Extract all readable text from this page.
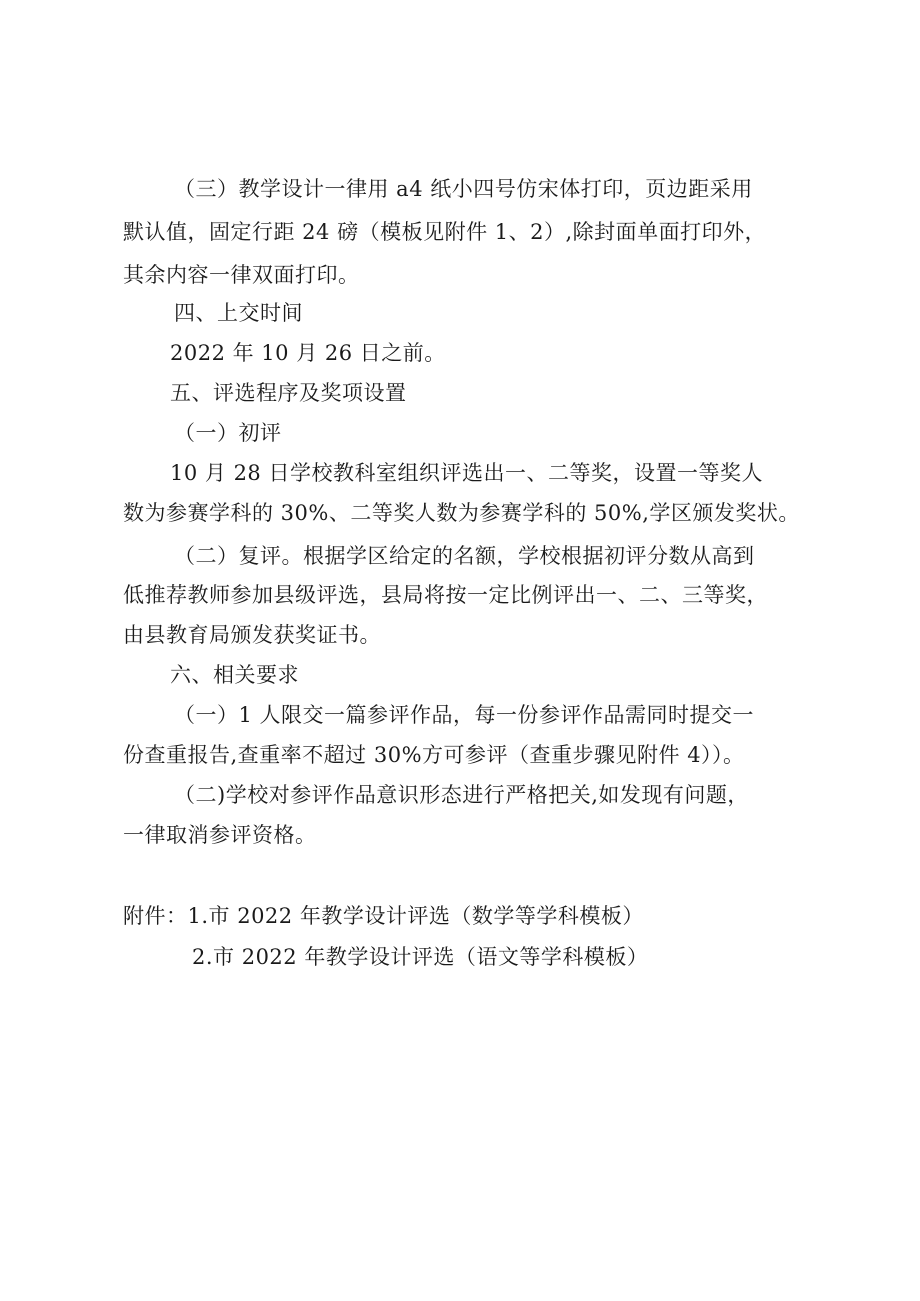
（三）教学设计一律用 a4 纸小四号仿宋体打印，页边距采用
默认值，固定行距 24 磅（模板见附件 1、2）,除封面单面打印外，
其余内容一律双面打印。
四、上交时间
2022 年 10 月 26 日之前。
五、评选程序及奖项设置
（一）初评
10 月 28 日学校教科室组织评选出一、二等奖，设置一等奖人
数为参赛学科的 30%、二等奖人数为参赛学科的 50%,学区颁发奖状。
（二）复评。根据学区给定的名额，学校根据初评分数从高到
低推荐教师参加县级评选，县局将按一定比例评出一、二、三等奖，
由县教育局颁发获奖证书。
六、相关要求
（一）1 人限交一篇参评作品，每一份参评作品需同时提交一
份查重报告,查重率不超过 30%方可参评（查重步骤见附件 4））。
（二)学校对参评作品意识形态进行严格把关,如发现有问题，
一律取消参评资格。
附件：1.市 2022 年教学设计评选（数学等学科模板）
2.市 2022 年教学设计评选（语文等学科模板）
